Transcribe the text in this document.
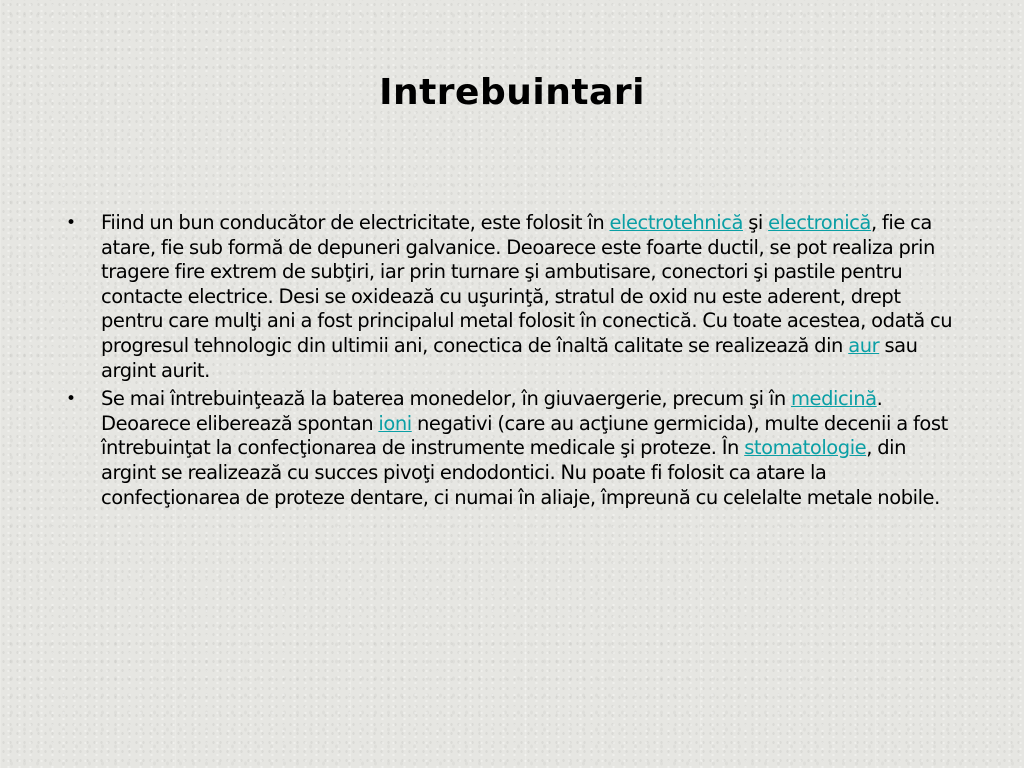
Intrebuintari
• Fiind un bun conducător de electricitate, este folosit în electrotehnică şi electronică, fie ca atare, fie sub formă de depuneri galvanice. Deoarece este foarte ductil, se pot realiza prin tragere fire extrem de subţiri, iar prin turnare şi ambutisare, conectori şi pastile pentru contacte electrice. Desi se oxidează cu uşurinţă, stratul de oxid nu este aderent, drept pentru care mulţi ani a fost principalul metal folosit în conectică. Cu toate acestea, odată cu progresul tehnologic din ultimii ani, conectica de înaltă calitate se realizează din aur sau argint aurit.
• Se mai întrebuinţează la baterea monedelor, în giuvaergerie, precum şi în medicină. Deoarece eliberează spontan ioni negativi (care au acţiune germicida), multe decenii a fost întrebuinţat la confecţionarea de instrumente medicale şi proteze. În stomatologie, din argint se realizează cu succes pivoţi endodontici. Nu poate fi folosit ca atare la confecţionarea de proteze dentare, ci numai în aliaje, împreună cu celelalte metale nobile.
